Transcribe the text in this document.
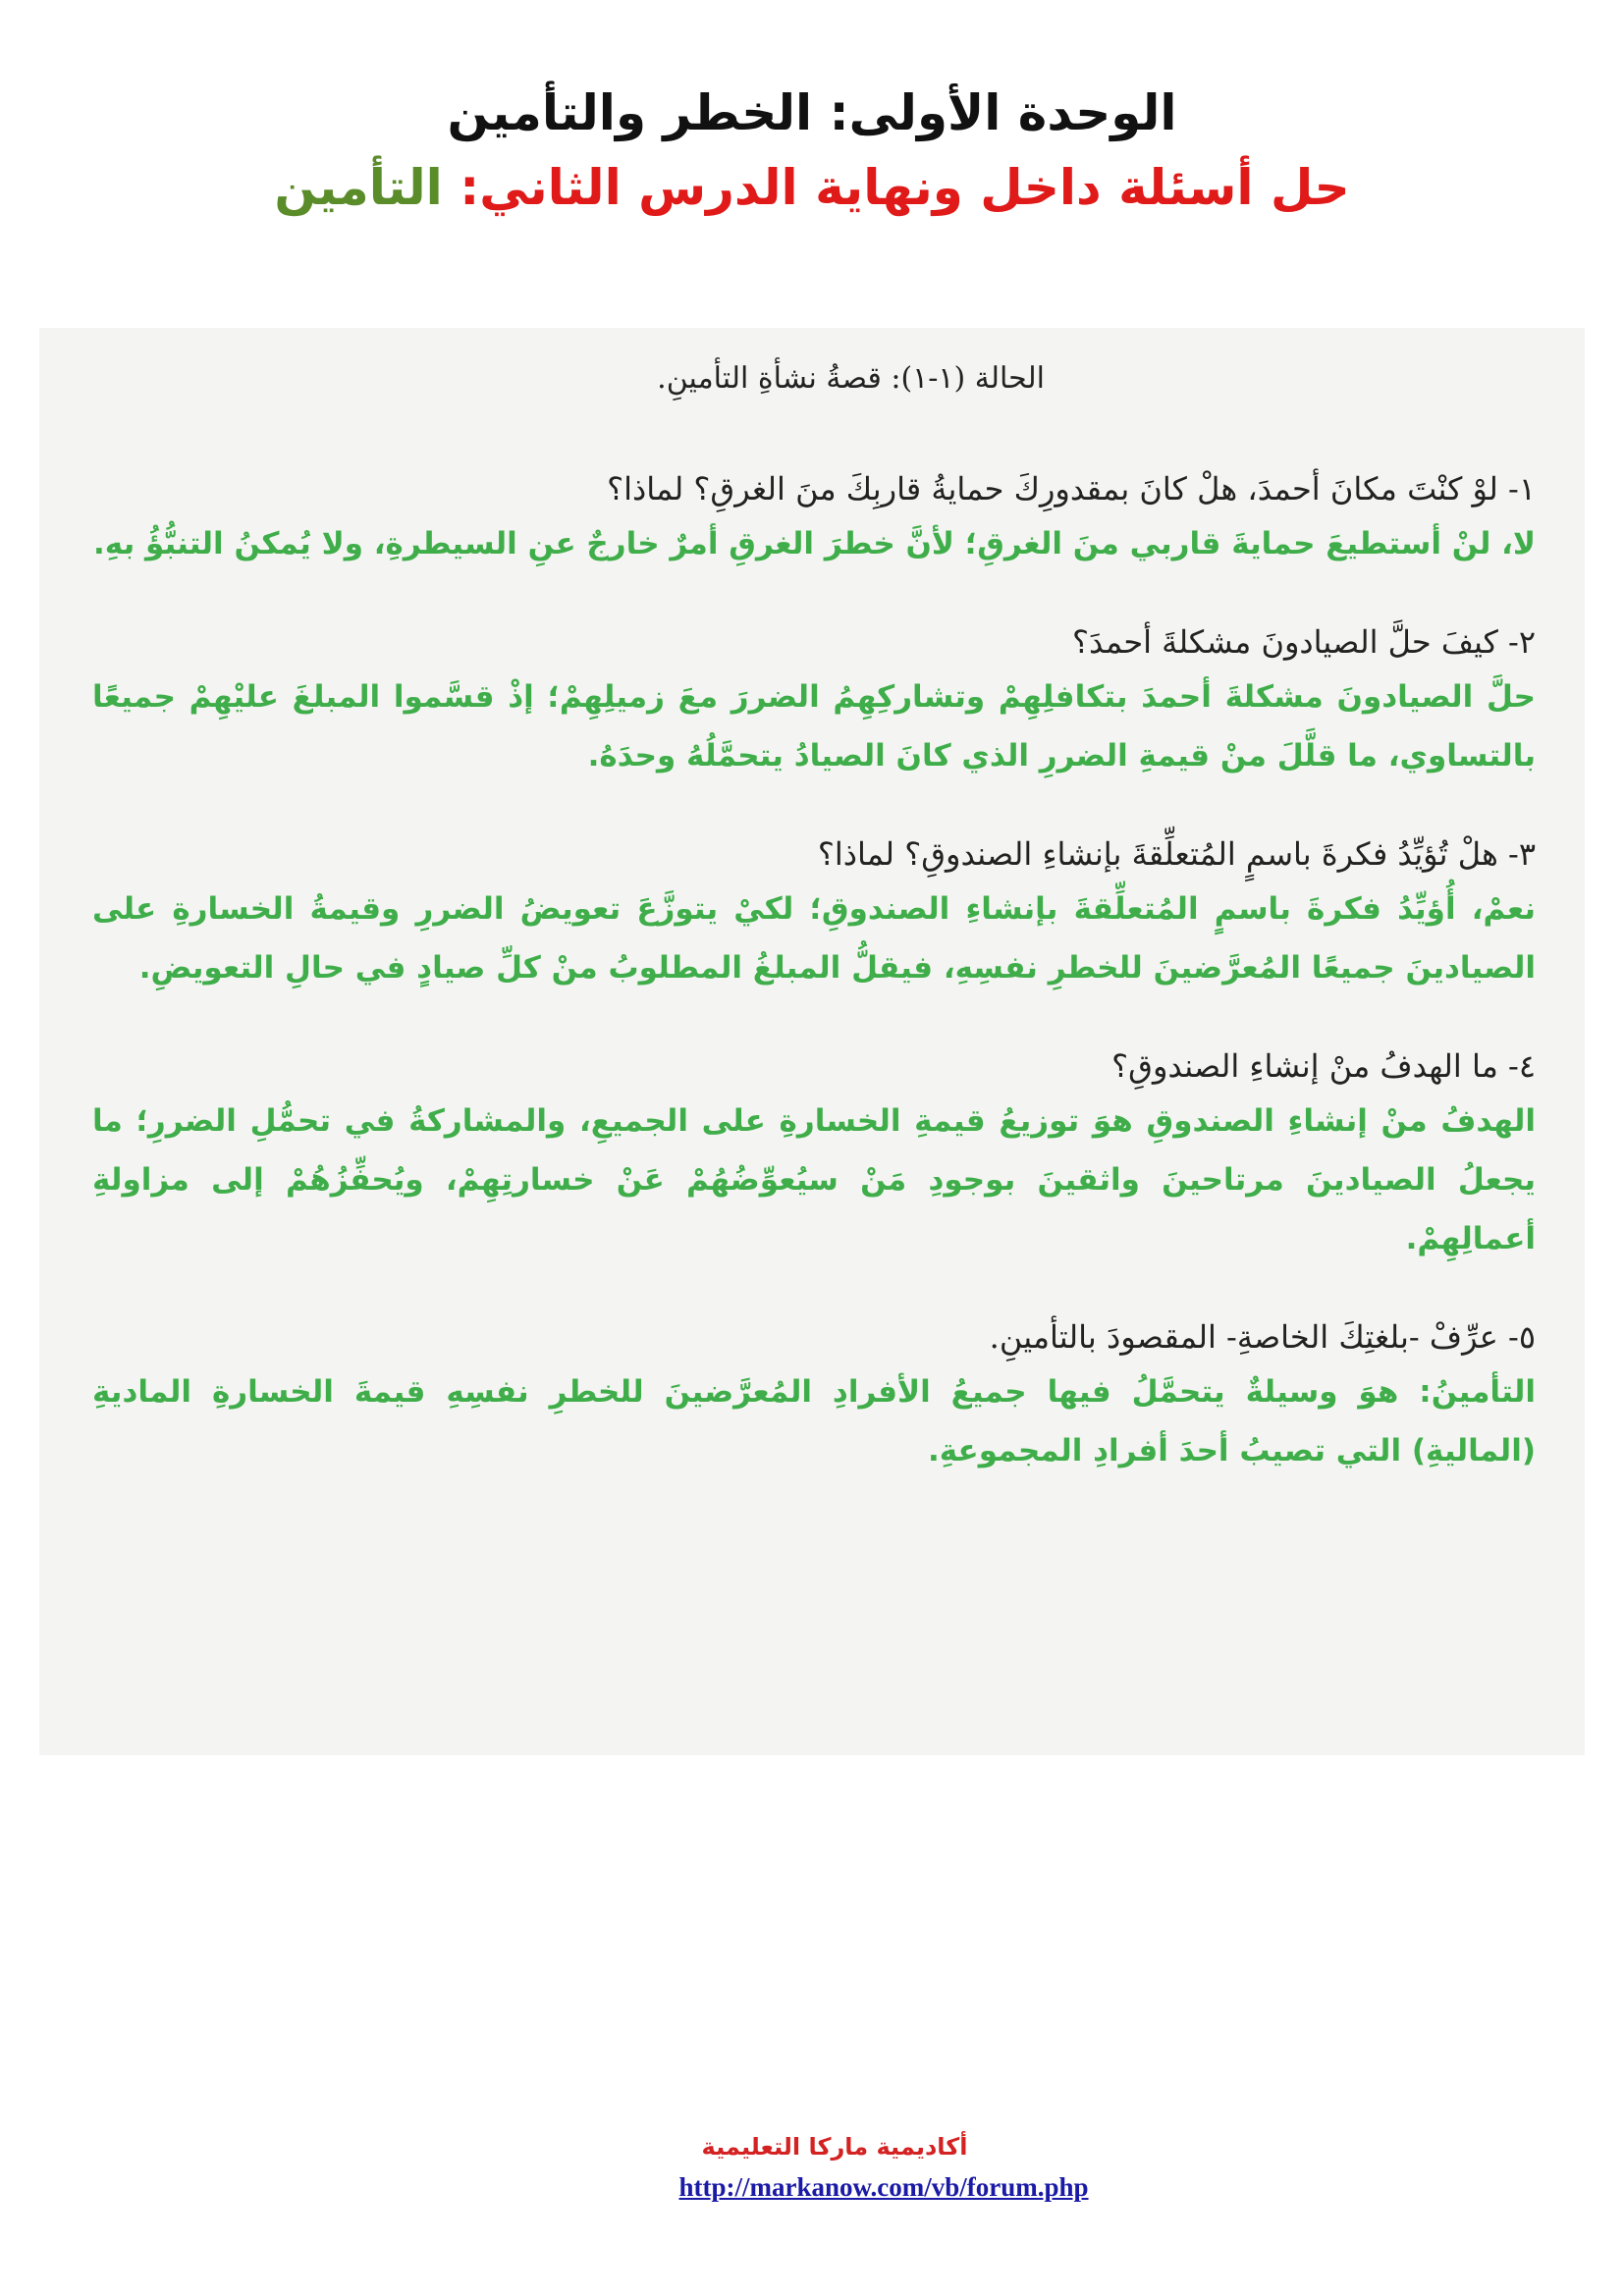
الوحدة الأولى: الخطر والتأمين
حل أسئلة داخل ونهاية الدرس الثاني: التأمين
الحالة (١-١): قصةُ نشأةِ التأمينِ.
١- لوْ كنْتَ مكانَ أحمدَ، هلْ كانَ بمقدورِكَ حمايةُ قاربِكَ منَ الغرقِ؟ لماذا؟
لا، لنْ أستطيعَ حمايةَ قاربي منَ الغرقِ؛ لأنَّ خطرَ الغرقِ أمرٌ خارجٌ عنِ السيطرةِ، ولا يُمكنُ التنبُّؤُ بهِ.
٢- كيفَ حلَّ الصيادونَ مشكلةَ أحمدَ؟
حلَّ الصيادونَ مشكلةَ أحمدَ بتكافلِهِمْ وتشاركِهِمُ الضررَ معَ زميلِهِمْ؛ إذْ قسَّموا المبلغَ عليْهِمْ جميعًا بالتساوي، ما قلَّلَ منْ قيمةِ الضررِ الذي كانَ الصيادُ يتحمَّلُهُ وحدَهُ.
٣- هلْ تُؤيِّدُ فكرةَ باسمٍ المُتعلِّقةَ بإنشاءِ الصندوقِ؟ لماذا؟
نعمْ، أُؤيِّدُ فكرةَ باسمٍ المُتعلِّقةَ بإنشاءِ الصندوقِ؛ لكيْ يتوزَّعَ تعويضُ الضررِ وقيمةُ الخسارةِ على الصيادينَ جميعًا المُعرَّضينَ للخطرِ نفسِهِ، فيقلُّ المبلغُ المطلوبُ منْ كلِّ صيادٍ في حالِ التعويضِ.
٤- ما الهدفُ منْ إنشاءِ الصندوقِ؟
الهدفُ منْ إنشاءِ الصندوقِ هوَ توزيعُ قيمةِ الخسارةِ على الجميعِ، والمشاركةُ في تحمُّلِ الضررِ؛ ما يجعلُ الصيادينَ مرتاحينَ واثقينَ بوجودِ مَنْ سيُعوِّضُهُمْ عَنْ خسارتِهِمْ، ويُحفِّزُهُمْ إلى مزاولةِ أعمالِهِمْ.
٥- عرِّفْ -بلغتِكَ الخاصةِ- المقصودَ بالتأمينِ.
التأمينُ: هوَ وسيلةٌ يتحمَّلُ فيها جميعُ الأفرادِ المُعرَّضينَ للخطرِ نفسِهِ قيمةَ الخسارةِ الماديةِ (الماليةِ) التي تصيبُ أحدَ أفرادِ المجموعةِ.
أكاديمية ماركا التعليمية
http://markanow.com/vb/forum.php
